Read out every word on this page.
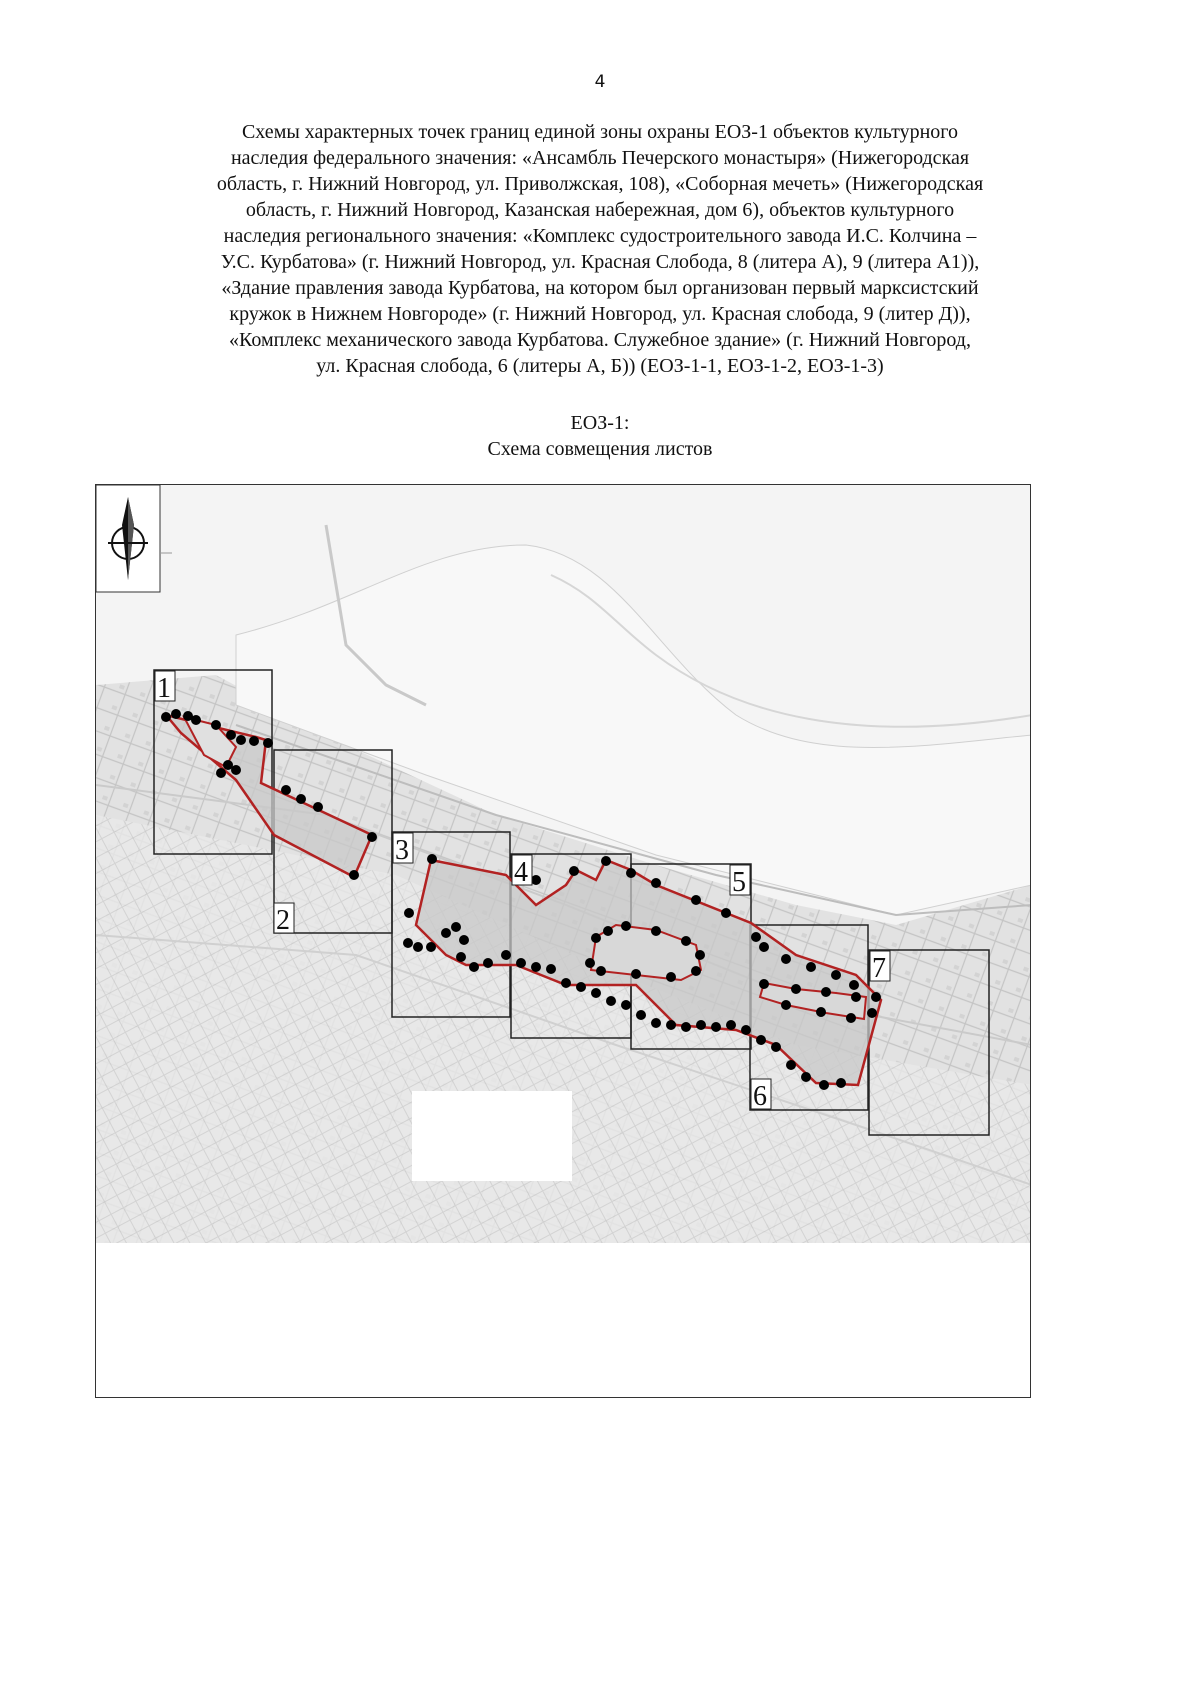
4
Схемы характерных точек границ единой зоны охраны ЕОЗ-1 объектов культурного
наследия федерального значения: «Ансамбль Печерского монастыря» (Нижегородская
область, г. Нижний Новгород, ул. Приволжская, 108), «Соборная мечеть» (Нижегородская
область, г. Нижний Новгород, Казанская набережная, дом 6), объектов культурного
наследия регионального значения: «Комплекс судостроительного завода И.С. Колчина –
У.С. Курбатова» (г. Нижний Новгород, ул. Красная Слобода, 8 (литера А), 9 (литера А1)),
«Здание правления завода Курбатова, на котором был организован первый марксистский
кружок в Нижнем Новгороде» (г. Нижний Новгород, ул. Красная слобода, 9 (литер Д)),
«Комплекс механического завода Курбатова. Служебное здание» (г. Нижний Новгород,
ул. Красная слобода, 6 (литеры А, Б)) (ЕОЗ-1-1, ЕОЗ-1-2, ЕОЗ-1-3)
ЕОЗ-1:
Схема совмещения листов
1
2
3
4	5
6
7
